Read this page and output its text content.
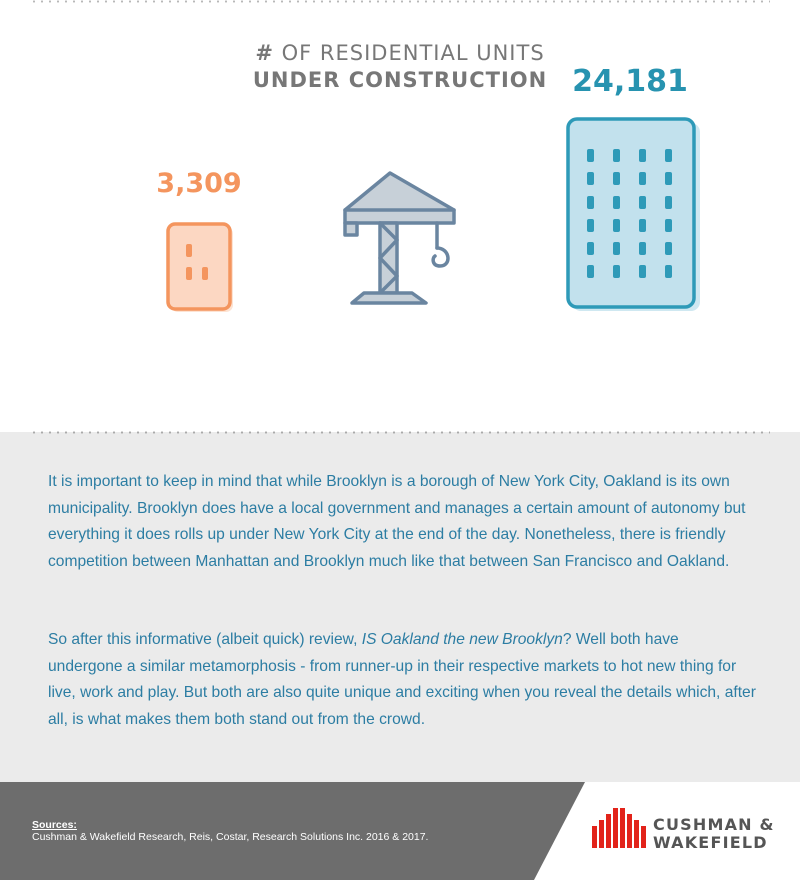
# OF RESIDENTIAL UNITS
UNDER CONSTRUCTION
3,309
24,181

It is important to keep in mind that while Brooklyn is a borough of New York City, Oakland is its own municipality. Brooklyn does have a local government and manages a certain amount of autonomy but everything it does rolls up under New York City at the end of the day. Nonetheless, there is friendly competition between Manhattan and Brooklyn much like that between San Francisco and Oakland.

So after this informative (albeit quick) review, IS Oakland the new Brooklyn? Well both have undergone a similar metamorphosis - from runner-up in their respective markets to hot new thing for live, work and play. But both are also quite unique and exciting when you reveal the details which, after all, is what makes them both stand out from the crowd.

Sources:
Cushman & Wakefield Research, Reis, Costar, Research Solutions Inc. 2016 & 2017.
CUSHMAN &
WAKEFIELD
